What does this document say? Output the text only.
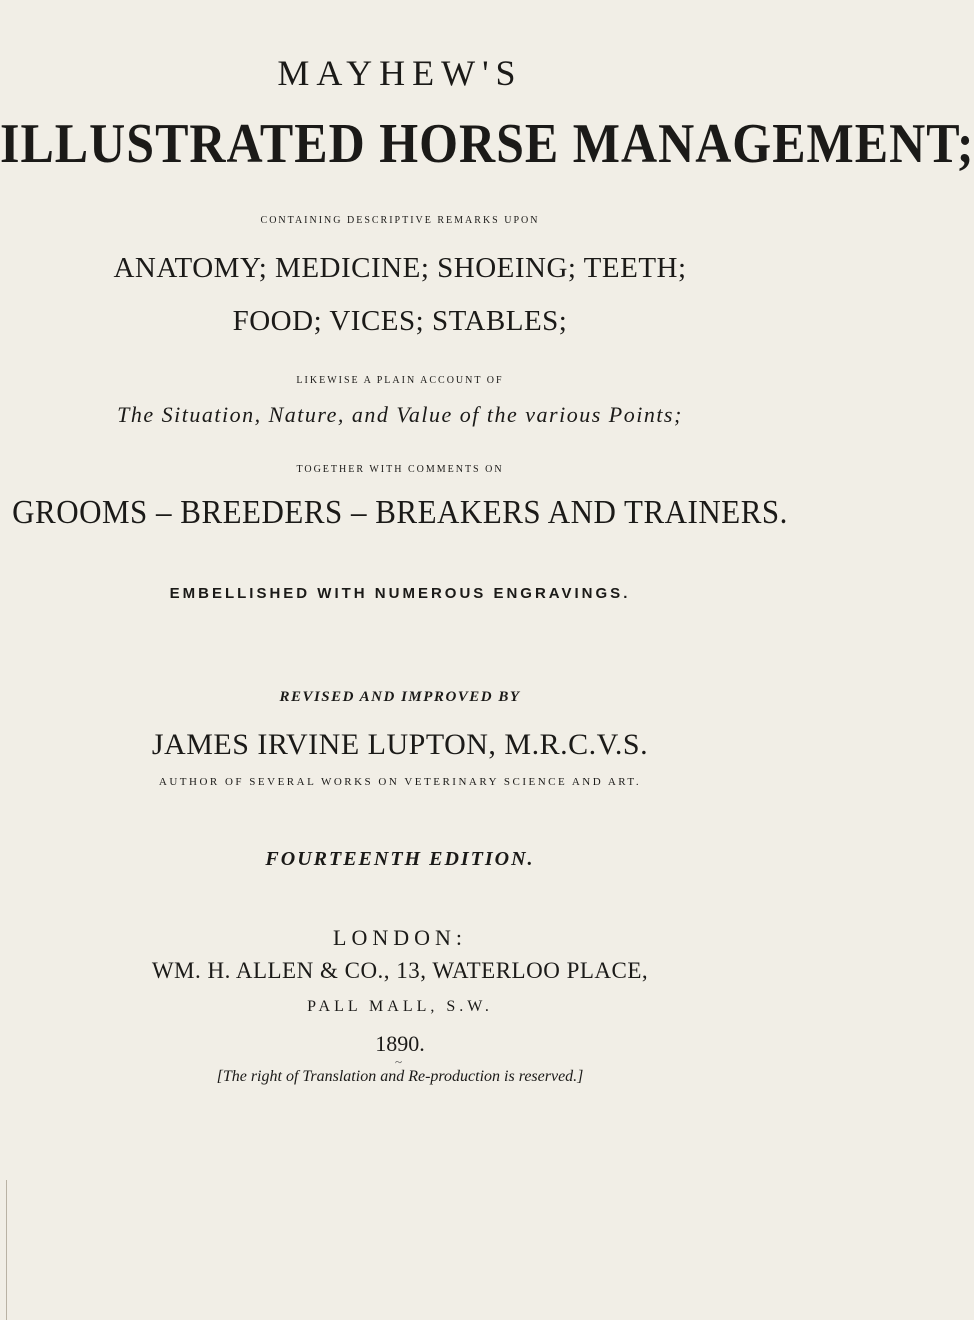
MAYHEW'S
ILLUSTRATED HORSE MANAGEMENT;
CONTAINING DESCRIPTIVE REMARKS UPON
ANATOMY; MEDICINE; SHOEING; TEETH;
FOOD; VICES; STABLES;
LIKEWISE A PLAIN ACCOUNT OF
The Situation, Nature, and Value of the various Points;
TOGETHER WITH COMMENTS ON
GROOMS – BREEDERS – BREAKERS AND TRAINERS.
EMBELLISHED WITH NUMEROUS ENGRAVINGS.
REVISED AND IMPROVED BY
JAMES IRVINE LUPTON, M.R.C.V.S.
AUTHOR OF SEVERAL WORKS ON VETERINARY SCIENCE AND ART.
FOURTEENTH EDITION.
LONDON:
WM. H. ALLEN & CO., 13, WATERLOO PLACE,
PALL MALL, S.W.
1890.
~
[The right of Translation and Re-production is reserved.]
